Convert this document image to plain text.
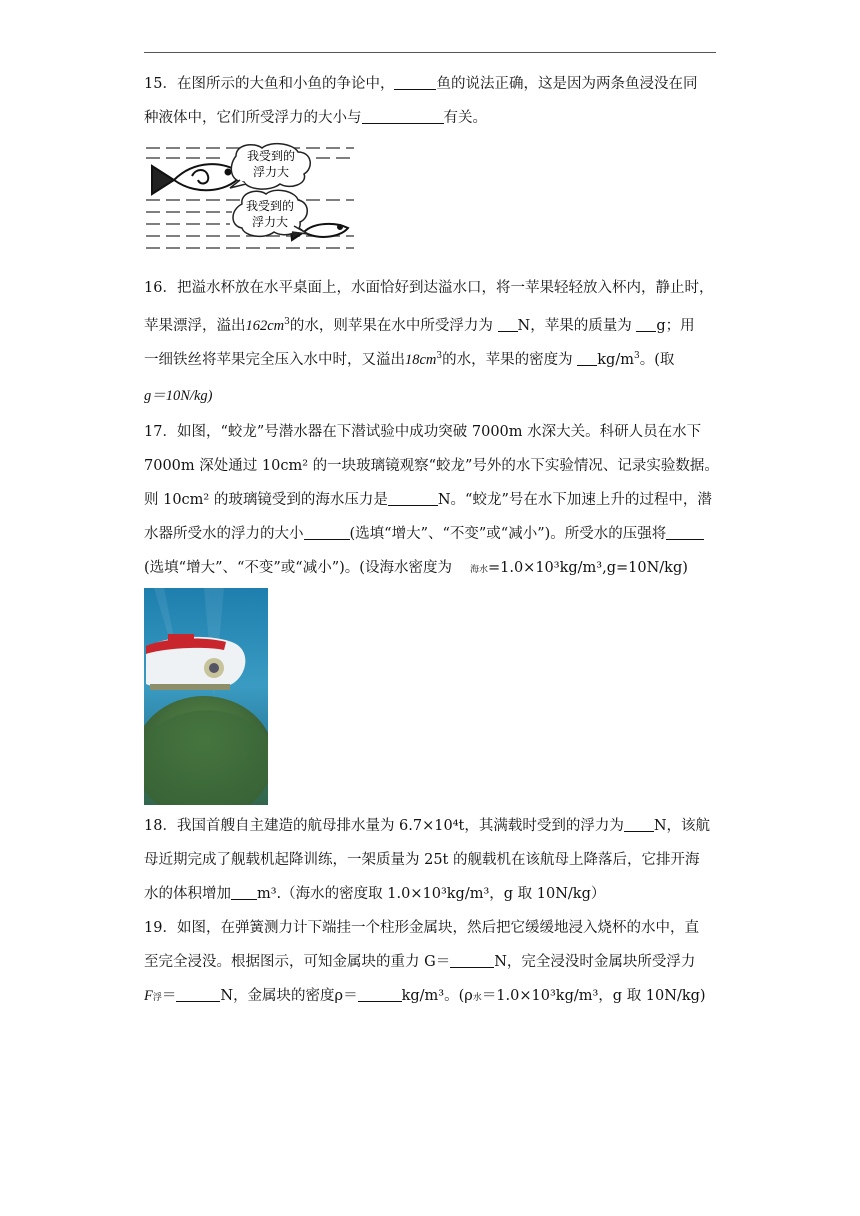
15．在图所示的大鱼和小鱼的争论中，	鱼的说法正确，这是因为两条鱼浸没在同
种液体中，它们所受浮力的大小与	有关。
我受到的
浮力大
我受到的
浮力大
16．把溢水杯放在水平桌面上，水面恰好到达溢水口，将一苹果轻轻放入杯内，静止时，
苹果漂浮，溢出$162cm^3$的水，则苹果在水中所受浮力为 N，苹果的质量为 g；用
一细铁丝将苹果完全压入水中时，又溢出$18cm^3$的水，苹果的密度为 $kg/m^3$。(取
g＝10N/kg)
17．如图，“蛟龙”号潜水器在下潜试验中成功突破 7000m 水深大关。科研人员在水下
7000m 深处通过 10cm² 的一块玻璃镜观察“蛟龙”号外的水下实验情况、记录实验数据。
则 10cm² 的玻璃镜受到的海水压力是	N。“蛟龙”号在水下加速上升的过程中，潜
水器所受水的浮力的大小	(选填“增大”、“不变”或“减小”)。所受水的压强将
(选填“增大”、“不变”或“减小”)。(设海水密度为 海水=1.0×10³kg/m³,g=10N/kg)
18．我国首艘自主建造的航母排水量为 6.7×10⁴t，其满载时受到的浮力为 N，该航
母近期完成了舰载机起降训练，一架质量为 25t 的舰载机在该航母上降落后，它排开海
水的体积增加 m³.（海水的密度取 1.0×10³kg/m³，g 取 10N/kg）
19．如图，在弹簧测力计下端挂一个柱形金属块，然后把它缓缓地浸入烧杯的水中，直
至完全浸没。根据图示，可知金属块的重力 G＝	N，完全浸没时金属块所受浮力
F浮＝	N，金属块的密度ρ＝	kg/m³。(ρ水＝1.0×10³kg/m³，g 取 10N/kg)
